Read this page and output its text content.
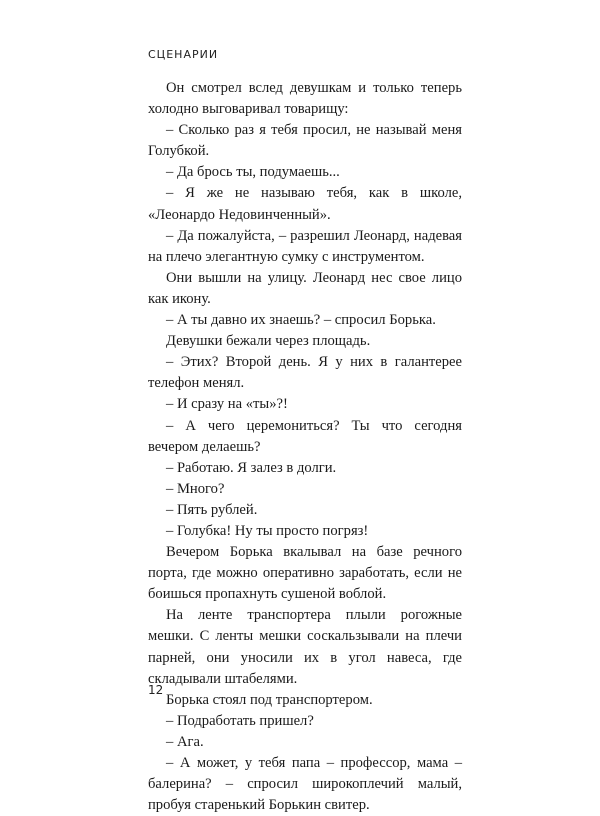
СЦЕНАРИИ

Он смотрел вслед девушкам и только теперь холодно выговаривал товарищу:

– Сколько раз я тебя просил, не называй меня Голубкой.

– Да брось ты, подумаешь...

– Я же не называю тебя, как в школе, «Леонардо Недовинченный».

– Да пожалуйста, – разрешил Леонард, надевая на плечо элегантную сумку с инструментом.

Они вышли на улицу. Леонард нес свое лицо как икону.

– А ты давно их знаешь? – спросил Борька.

Девушки бежали через площадь.

– Этих? Второй день. Я у них в галантерее телефон менял.

– И сразу на «ты»?!

– А чего церемониться? Ты что сегодня вечером делаешь?

– Работаю. Я залез в долги.

– Много?

– Пять рублей.

– Голубка! Ну ты просто погряз!

Вечером Борька вкалывал на базе речного порта, где можно оперативно заработать, если не боишься пропахнуть сушеной воблой.

На ленте транспортера плыли рогожные мешки. С ленты мешки соскальзывали на плечи парней, они уносили их в угол навеса, где складывали штабелями.

Борька стоял под транспортером.

– Подработать пришел?

– Ага.

– А может, у тебя папа – профессор, мама – балерина? – спросил широкоплечий малый, пробуя старенький Борькин свитер.

12
